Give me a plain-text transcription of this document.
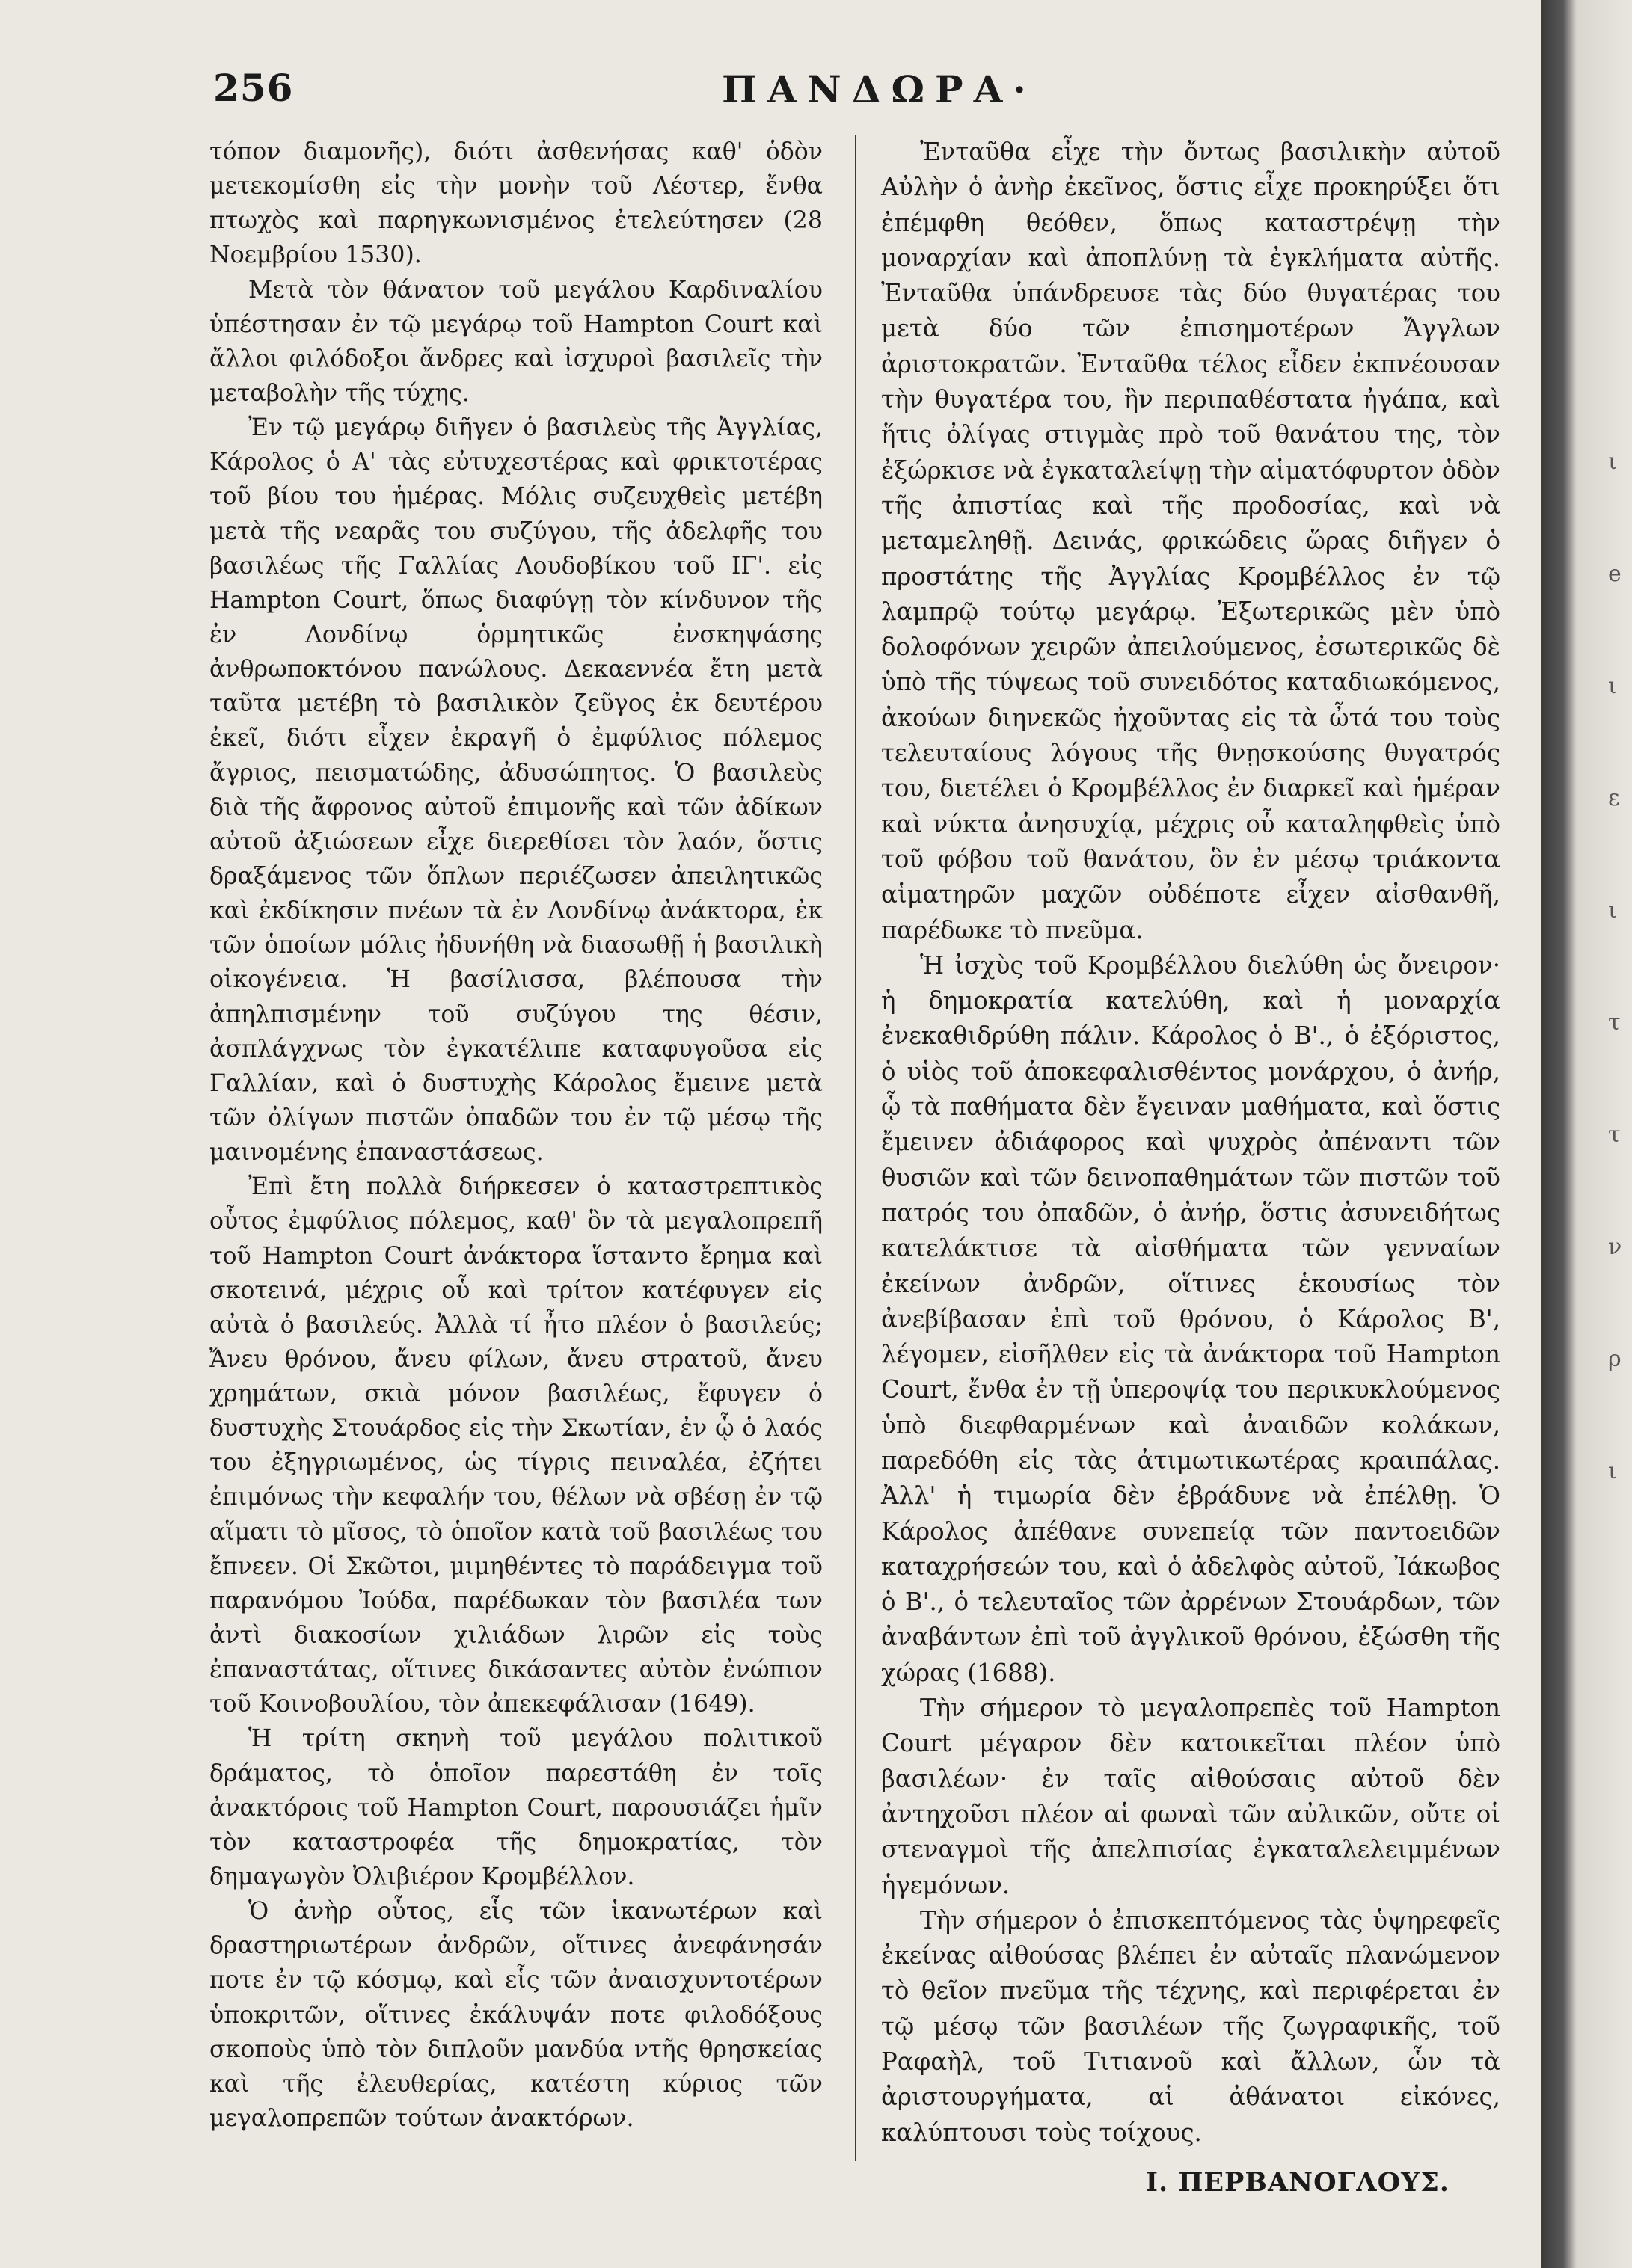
256	ΠΑΝΔΩΡΑ·

τόπον διαμονῆς), διότι ἀσθενήσας καθ' ὁδὸν μετεκομίσθη εἰς τὴν μονὴν τοῦ Λέστερ, ἔνθα πτωχὸς καὶ παρηγκωνισμένος ἐτελεύτησεν (28 Νοεμβρίου 1530).

Μετὰ τὸν θάνατον τοῦ μεγάλου Καρδιναλίου ὑπέστησαν ἐν τῷ μεγάρῳ τοῦ Hampton Court καὶ ἄλλοι φιλόδοξοι ἄνδρες καὶ ἰσχυροὶ βασιλεῖς τὴν μεταβολὴν τῆς τύχης.

Ἐν τῷ μεγάρῳ διῆγεν ὁ βασιλεὺς τῆς Ἀγγλίας, Κάρολος ὁ Α' τὰς εὐτυχεστέρας καὶ φρικτοτέρας τοῦ βίου του ἡμέρας. Μόλις συζευχθεὶς μετέβη μετὰ τῆς νεαρᾶς του συζύγου, τῆς ἀδελφῆς του βασιλέως τῆς Γαλλίας Λουδοβίκου τοῦ ΙΓ'. εἰς Hampton Court, ὅπως διαφύγῃ τὸν κίνδυνον τῆς ἐν Λονδίνῳ ὁρμητικῶς ἐνσκηψάσης ἀνθρωποκτόνου πανώλους. Δεκαεννέα ἔτη μετὰ ταῦτα μετέβη τὸ βασιλικὸν ζεῦγος ἐκ δευτέρου ἐκεῖ, διότι εἶχεν ἐκραγῆ ὁ ἐμφύλιος πόλεμος ἄγριος, πεισματώδης, ἀδυσώπητος. Ὁ βασιλεὺς διὰ τῆς ἄφρονος αὐτοῦ ἐπιμονῆς καὶ τῶν ἀδίκων αὐτοῦ ἀξιώσεων εἶχε διερεθίσει τὸν λαόν, ὅστις δραξάμενος τῶν ὅπλων περιέζωσεν ἀπειλητικῶς καὶ ἐκδίκησιν πνέων τὰ ἐν Λονδίνῳ ἀνάκτορα, ἐκ τῶν ὁποίων μόλις ἠδυνήθη νὰ διασωθῇ ἡ βασιλικὴ οἰκογένεια. Ἡ βασίλισσα, βλέπουσα τὴν ἀπηλπισμένην τοῦ συζύγου της θέσιν, ἀσπλάγχνως τὸν ἐγκατέλιπε καταφυγοῦσα εἰς Γαλλίαν, καὶ ὁ δυστυχὴς Κάρολος ἔμεινε μετὰ τῶν ὀλίγων πιστῶν ὀπαδῶν του ἐν τῷ μέσῳ τῆς μαινομένης ἐπαναστάσεως.

Ἐπὶ ἔτη πολλὰ διήρκεσεν ὁ καταστρεπτικὸς οὗτος ἐμφύλιος πόλεμος, καθ' ὃν τὰ μεγαλοπρεπῆ τοῦ Hampton Court ἀνάκτορα ἵσταντο ἔρημα καὶ σκοτεινά, μέχρις οὗ καὶ τρίτον κατέφυγεν εἰς αὐτὰ ὁ βασιλεύς. Ἀλλὰ τί ἦτο πλέον ὁ βασιλεύς; Ἄνευ θρόνου, ἄνευ φίλων, ἄνευ στρατοῦ, ἄνευ χρημάτων, σκιὰ μόνον βασιλέως, ἔφυγεν ὁ δυστυχὴς Στουάρδος εἰς τὴν Σκωτίαν, ἐν ᾧ ὁ λαός του ἐξηγριωμένος, ὡς τίγρις πειναλέα, ἐζήτει ἐπιμόνως τὴν κεφαλήν του, θέλων νὰ σβέσῃ ἐν τῷ αἵματι τὸ μῖσος, τὸ ὁποῖον κατὰ τοῦ βασιλέως του ἔπνεεν. Οἱ Σκῶτοι, μιμηθέντες τὸ παράδειγμα τοῦ παρανόμου Ἰούδα, παρέδωκαν τὸν βασιλέα των ἀντὶ διακοσίων χιλιάδων λιρῶν εἰς τοὺς ἐπαναστάτας, οἵτινες δικάσαντες αὐτὸν ἐνώπιον τοῦ Κοινοβουλίου, τὸν ἀπεκεφάλισαν (1649).

Ἡ τρίτη σκηνὴ τοῦ μεγάλου πολιτικοῦ δράματος, τὸ ὁποῖον παρεστάθη ἐν τοῖς ἀνακτόροις τοῦ Hampton Court, παρουσιάζει ἡμῖν τὸν καταστροφέα τῆς δημοκρατίας, τὸν δημαγωγὸν Ὀλιβιέρον Κρομβέλλον.

Ὁ ἀνὴρ οὗτος, εἷς τῶν ἱκανωτέρων καὶ δραστηριωτέρων ἀνδρῶν, οἵτινες ἀνεφάνησάν ποτε ἐν τῷ κόσμῳ, καὶ εἷς τῶν ἀναισχυντοτέρων ὑποκριτῶν, οἵτινες ἐκάλυψάν ποτε φιλοδόξους σκοποὺς ὑπὸ τὸν διπλοῦν μανδύα ντῆς θρησκείας καὶ τῆς ἐλευθερίας, κατέστη κύριος τῶν μεγαλοπρεπῶν τούτων ἀνακτόρων.

Ἐνταῦθα εἶχε τὴν ὄντως βασιλικὴν αὐτοῦ Αὐλὴν ὁ ἀνὴρ ἐκεῖνος, ὅστις εἶχε προκηρύξει ὅτι ἐπέμφθη θεόθεν, ὅπως καταστρέψῃ τὴν μοναρχίαν καὶ ἀποπλύνῃ τὰ ἐγκλήματα αὐτῆς. Ἐνταῦθα ὑπάνδρευσε τὰς δύο θυγατέρας του μετὰ δύο τῶν ἐπισημοτέρων Ἄγγλων ἀριστοκρατῶν. Ἐνταῦθα τέλος εἶδεν ἐκπνέουσαν τὴν θυγατέρα του, ἣν περιπαθέστατα ἠγάπα, καὶ ἥτις ὀλίγας στιγμὰς πρὸ τοῦ θανάτου της, τὸν ἐξώρκισε νὰ ἐγκαταλείψῃ τὴν αἱματόφυρτον ὁδὸν τῆς ἀπιστίας καὶ τῆς προδοσίας, καὶ νὰ μεταμεληθῇ. Δεινάς, φρικώδεις ὥρας διῆγεν ὁ προστάτης τῆς Ἀγγλίας Κρομβέλλος ἐν τῷ λαμπρῷ τούτῳ μεγάρῳ. Ἐξωτερικῶς μὲν ὑπὸ δολοφόνων χειρῶν ἀπειλούμενος, ἐσωτερικῶς δὲ ὑπὸ τῆς τύψεως τοῦ συνειδότος καταδιωκόμενος, ἀκούων διηνεκῶς ἠχοῦντας εἰς τὰ ὦτά του τοὺς τελευταίους λόγους τῆς θνῃσκούσης θυγατρός του, διετέλει ὁ Κρομβέλλος ἐν διαρκεῖ καὶ ἡμέραν καὶ νύκτα ἀνησυχίᾳ, μέχρις οὗ καταληφθεὶς ὑπὸ τοῦ φόβου τοῦ θανάτου, ὃν ἐν μέσῳ τριάκοντα αἱματηρῶν μαχῶν οὐδέποτε εἶχεν αἰσθανθῆ, παρέδωκε τὸ πνεῦμα.

Ἡ ἰσχὺς τοῦ Κρομβέλλου διελύθη ὡς ὄνειρον· ἡ δημοκρατία κατελύθη, καὶ ἡ μοναρχία ἐνεκαθιδρύθη πάλιν. Κάρολος ὁ Β'., ὁ ἐξόριστος, ὁ υἱὸς τοῦ ἀποκεφαλισθέντος μονάρχου, ὁ ἀνήρ, ᾧ τὰ παθήματα δὲν ἔγειναν μαθήματα, καὶ ὅστις ἔμεινεν ἀδιάφορος καὶ ψυχρὸς ἀπέναντι τῶν θυσιῶν καὶ τῶν δεινοπαθημάτων τῶν πιστῶν τοῦ πατρός του ὀπαδῶν, ὁ ἀνήρ, ὅστις ἀσυνειδήτως κατελάκτισε τὰ αἰσθήματα τῶν γενναίων ἐκείνων ἀνδρῶν, οἵτινες ἑκουσίως τὸν ἀνεβίβασαν ἐπὶ τοῦ θρόνου, ὁ Κάρολος Β', λέγομεν, εἰσῆλθεν εἰς τὰ ἀνάκτορα τοῦ Hampton Court, ἔνθα ἐν τῇ ὑπεροψίᾳ του περικυκλούμενος ὑπὸ διεφθαρμένων καὶ ἀναιδῶν κολάκων, παρεδόθη εἰς τὰς ἀτιμωτικωτέρας κραιπάλας. Ἀλλ' ἡ τιμωρία δὲν ἐβράδυνε νὰ ἐπέλθῃ. Ὁ Κάρολος ἀπέθανε συνεπείᾳ τῶν παντοειδῶν καταχρήσεών του, καὶ ὁ ἀδελφὸς αὐτοῦ, Ἰάκωβος ὁ Β'., ὁ τελευταῖος τῶν ἀρρένων Στουάρδων, τῶν ἀναβάντων ἐπὶ τοῦ ἀγγλικοῦ θρόνου, ἐξώσθη τῆς χώρας (1688).

Τὴν σήμερον τὸ μεγαλοπρεπὲς τοῦ Hampton Court μέγαρον δὲν κατοικεῖται πλέον ὑπὸ βασιλέων· ἐν ταῖς αἰθούσαις αὐτοῦ δὲν ἀντηχοῦσι πλέον αἱ φωναὶ τῶν αὐλικῶν, οὔτε οἱ στεναγμοὶ τῆς ἀπελπισίας ἐγκαταλελειμμένων ἡγεμόνων.

Τὴν σήμερον ὁ ἐπισκεπτόμενος τὰς ὑψηρεφεῖς ἐκείνας αἰθούσας βλέπει ἐν αὐταῖς πλανώμενον τὸ θεῖον πνεῦμα τῆς τέχνης, καὶ περιφέρεται ἐν τῷ μέσῳ τῶν βασιλέων τῆς ζωγραφικῆς, τοῦ Ραφαὴλ, τοῦ Τιτιανοῦ καὶ ἄλλων, ὧν τὰ ἀριστουργήματα, αἱ ἀθάνατοι εἰκόνες, καλύπτουσι τοὺς τοίχους.

Ι. ΠΕΡΒΑΝΟΓΛΟΥΣ.
ι
e
ι
ε
ι
τ
τ
ν
ρ
ι
